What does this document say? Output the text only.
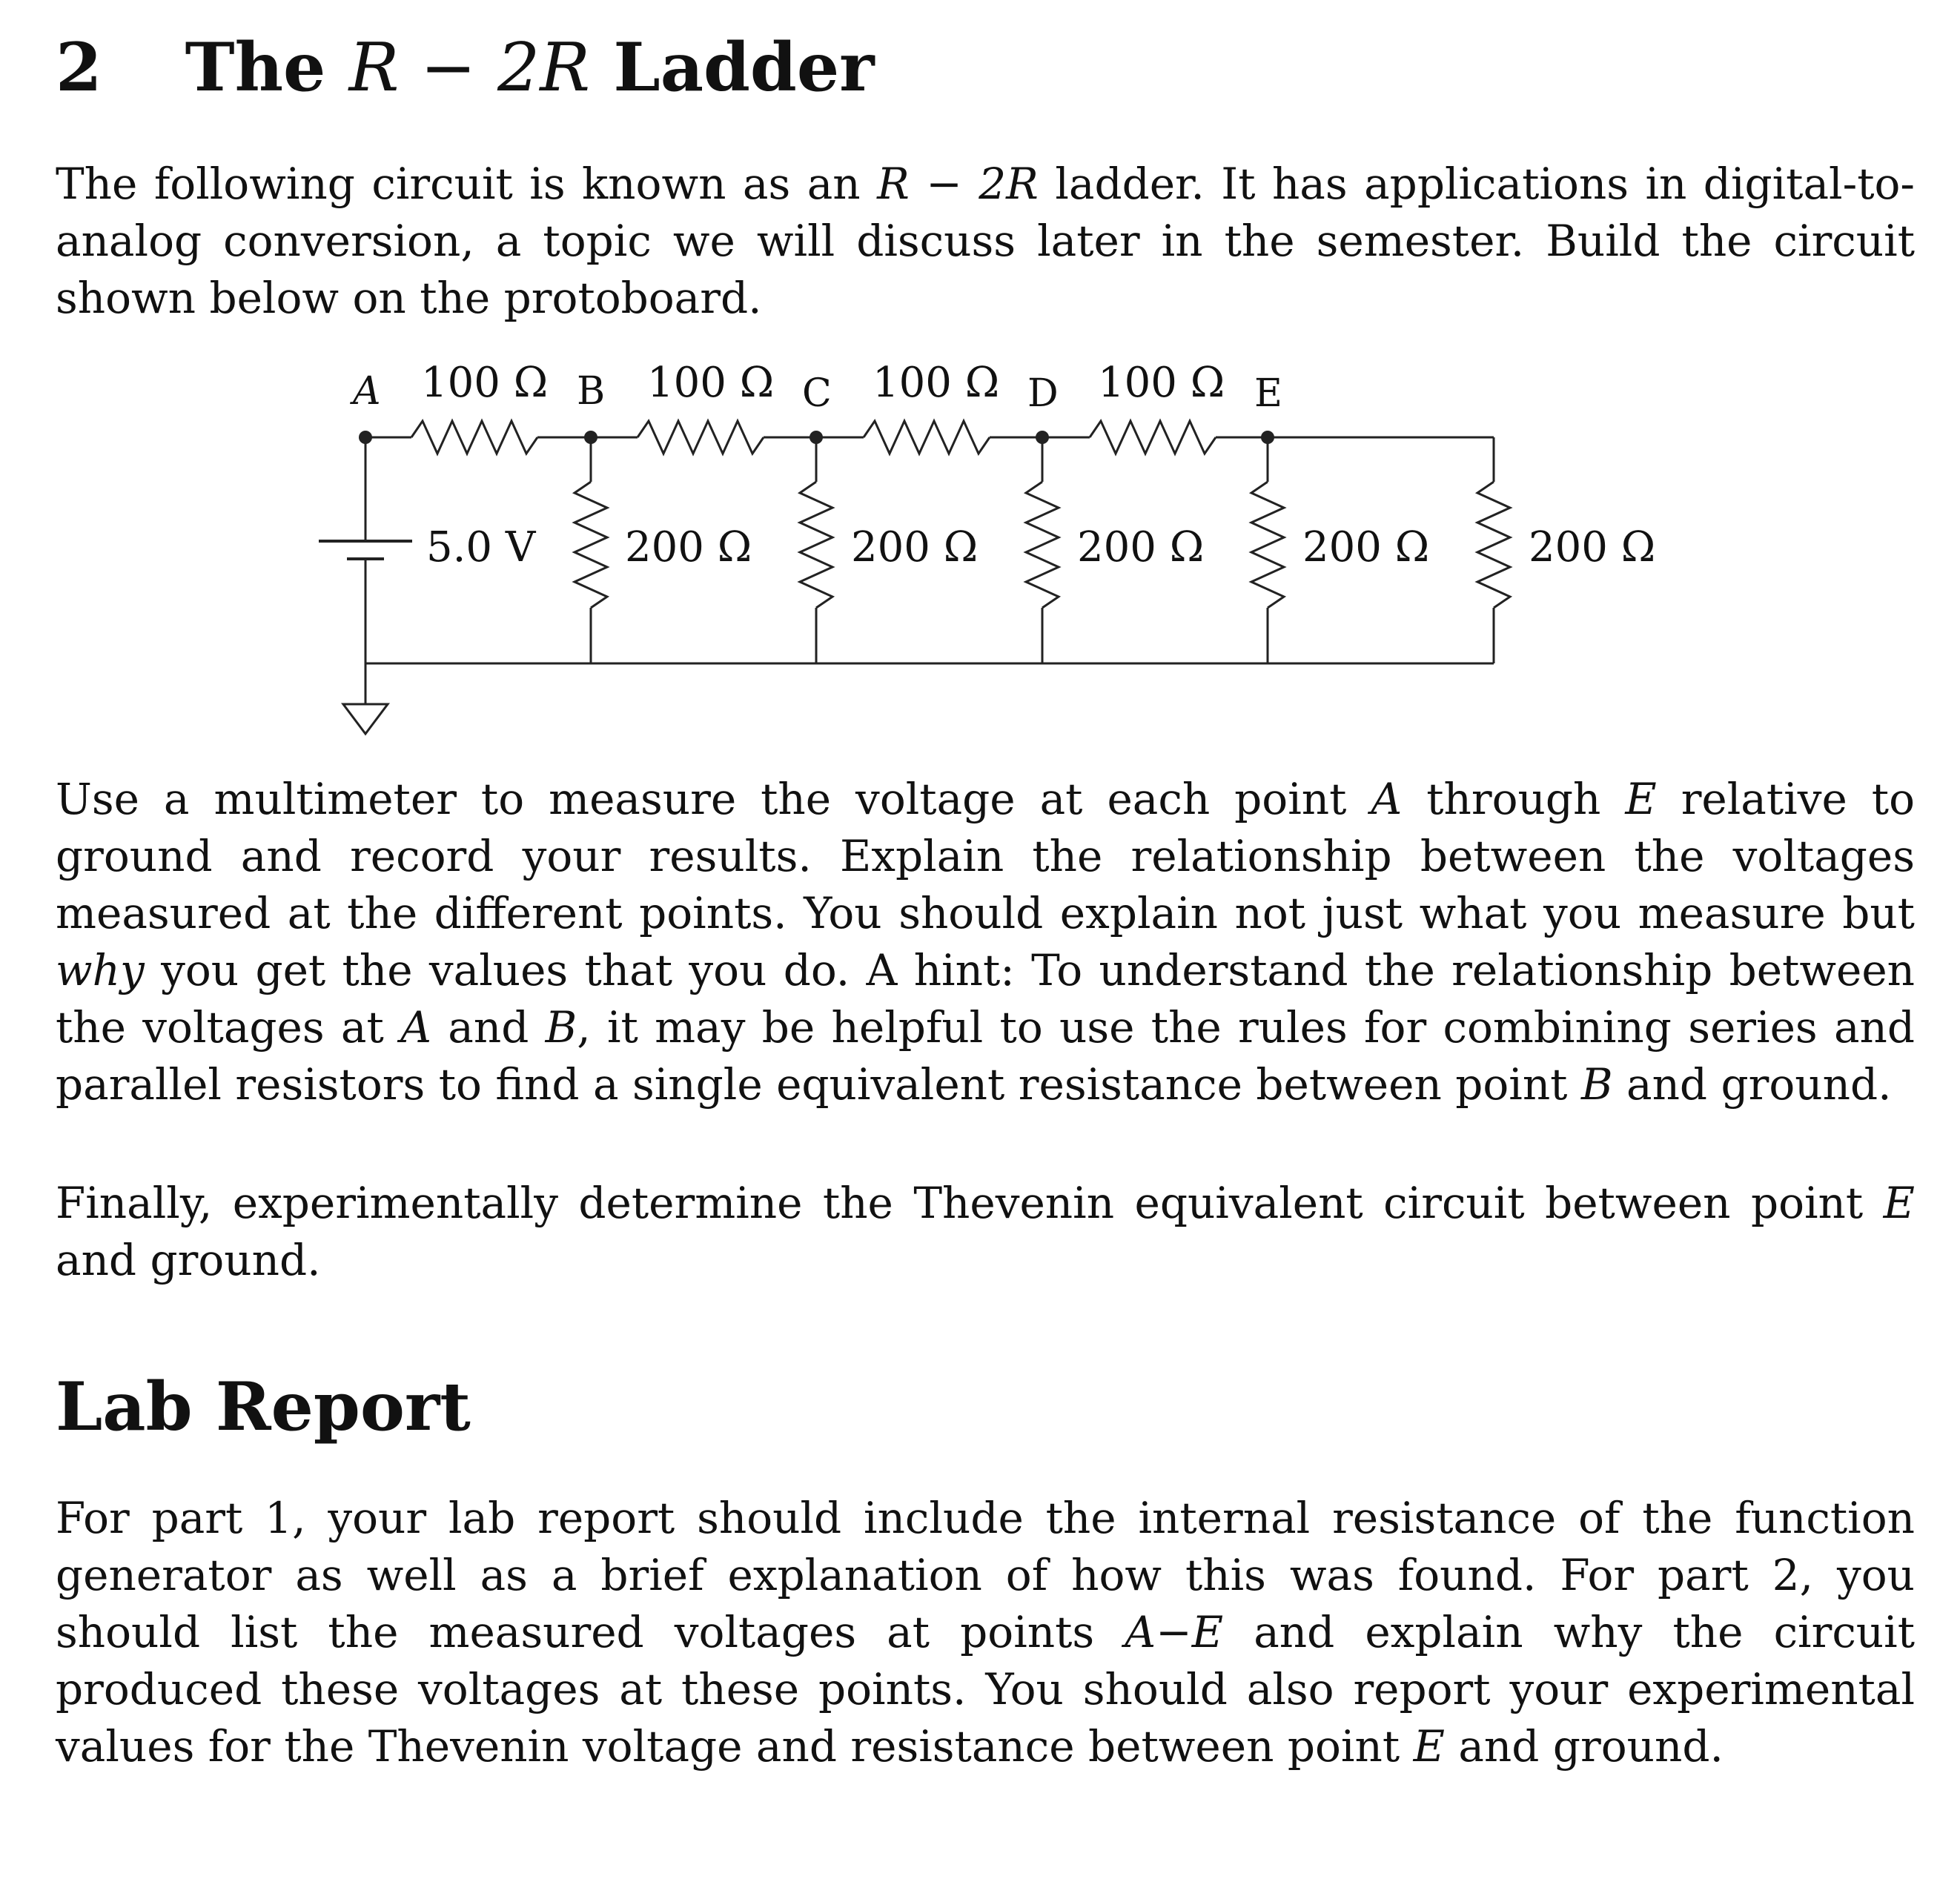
2 The R − 2R Ladder

The following circuit is known as an R − 2R ladder. It has applications in digital-to-analog conversion, a topic we will discuss later in the semester. Build the circuit shown below on the protoboard.

Use a multimeter to measure the voltage at each point A through E relative to ground and record your results. Explain the relationship between the voltages measured at the different points. You should explain not just what you measure but why you get the values that you do. A hint: To understand the relationship between the voltages at A and B, it may be helpful to use the rules for combining series and parallel resistors to find a single equivalent resistance between point B and ground.

Finally, experimentally determine the Thevenin equivalent circuit between point E and ground.

Lab Report

For part 1, your lab report should include the internal resistance of the function generator as well as a brief explanation of how this was found. For part 2, you should list the measured voltages at points A−E and explain why the circuit produced these voltages at these points. You should also report your experimental values for the Thevenin voltage and resistance between point E and ground.

A	B	C	D	E
100 Ω 100 Ω 100 Ω 100 Ω
5.0 V 200 Ω 200 Ω 200 Ω 200 Ω 200 Ω
